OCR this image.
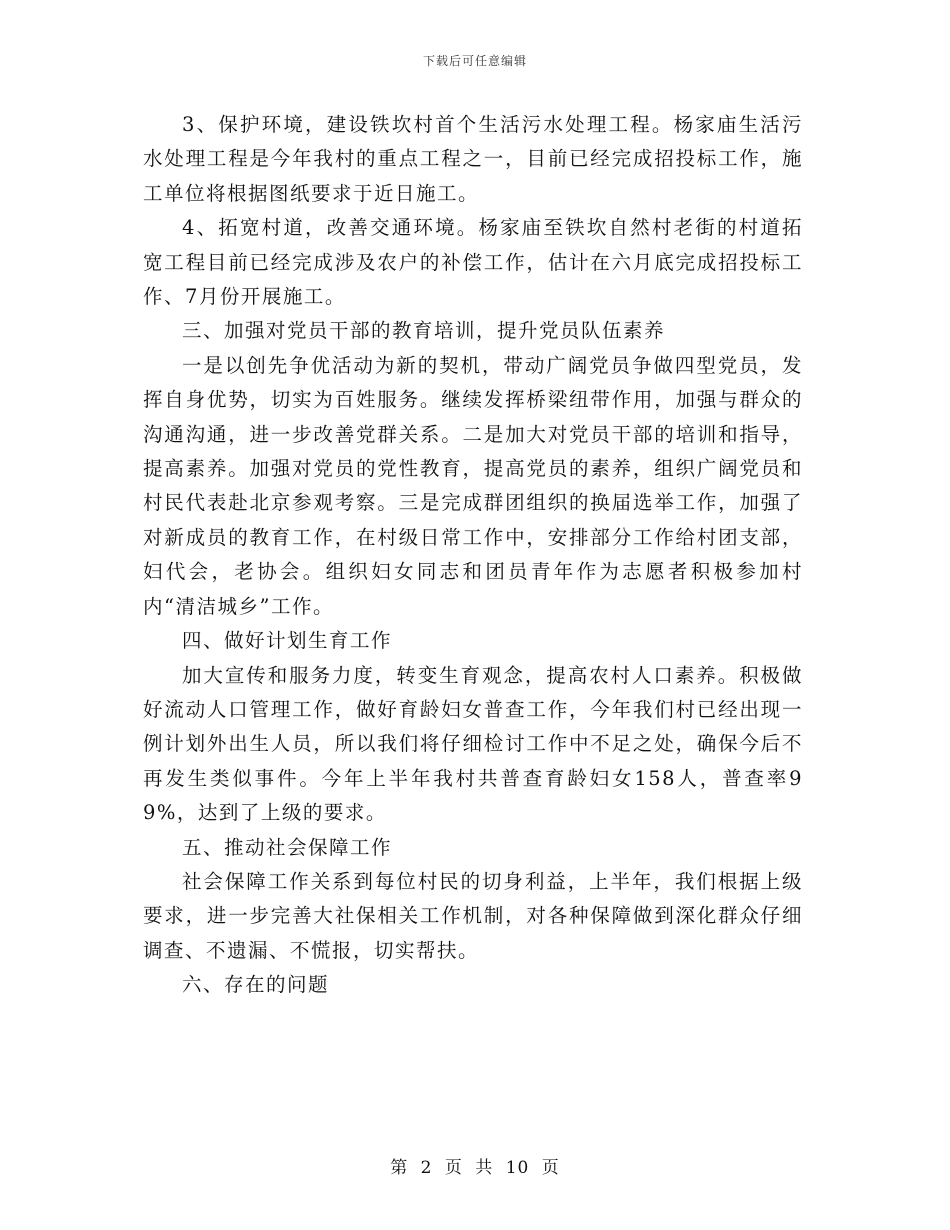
下载后可任意编辑

3、保护环境，建设铁坎村首个生活污水处理工程。杨家庙生活污水处理工程是今年我村的重点工程之一，目前已经完成招投标工作，施工单位将根据图纸要求于近日施工。

4、拓宽村道，改善交通环境。杨家庙至铁坎自然村老街的村道拓宽工程目前已经完成涉及农户的补偿工作，估计在六月底完成招投标工作、7月份开展施工。

三、加强对党员干部的教育培训，提升党员队伍素养

一是以创先争优活动为新的契机，带动广阔党员争做四型党员，发挥自身优势，切实为百姓服务。继续发挥桥梁纽带作用，加强与群众的沟通沟通，进一步改善党群关系。二是加大对党员干部的培训和指导，提高素养。加强对党员的党性教育，提高党员的素养，组织广阔党员和村民代表赴北京参观考察。三是完成群团组织的换届选举工作，加强了对新成员的教育工作，在村级日常工作中，安排部分工作给村团支部，妇代会，老协会。组织妇女同志和团员青年作为志愿者积极参加村内“清洁城乡”工作。

四、做好计划生育工作

加大宣传和服务力度，转变生育观念，提高农村人口素养。积极做好流动人口管理工作，做好育龄妇女普查工作，今年我们村已经出现一例计划外出生人员，所以我们将仔细检讨工作中不足之处，确保今后不再发生类似事件。今年上半年我村共普查育龄妇女158人，普查率99%，达到了上级的要求。

五、推动社会保障工作

社会保障工作关系到每位村民的切身利益，上半年，我们根据上级要求，进一步完善大社保相关工作机制，对各种保障做到深化群众仔细调查、不遗漏、不慌报，切实帮扶。

六、存在的问题

第 2 页 共 10 页
